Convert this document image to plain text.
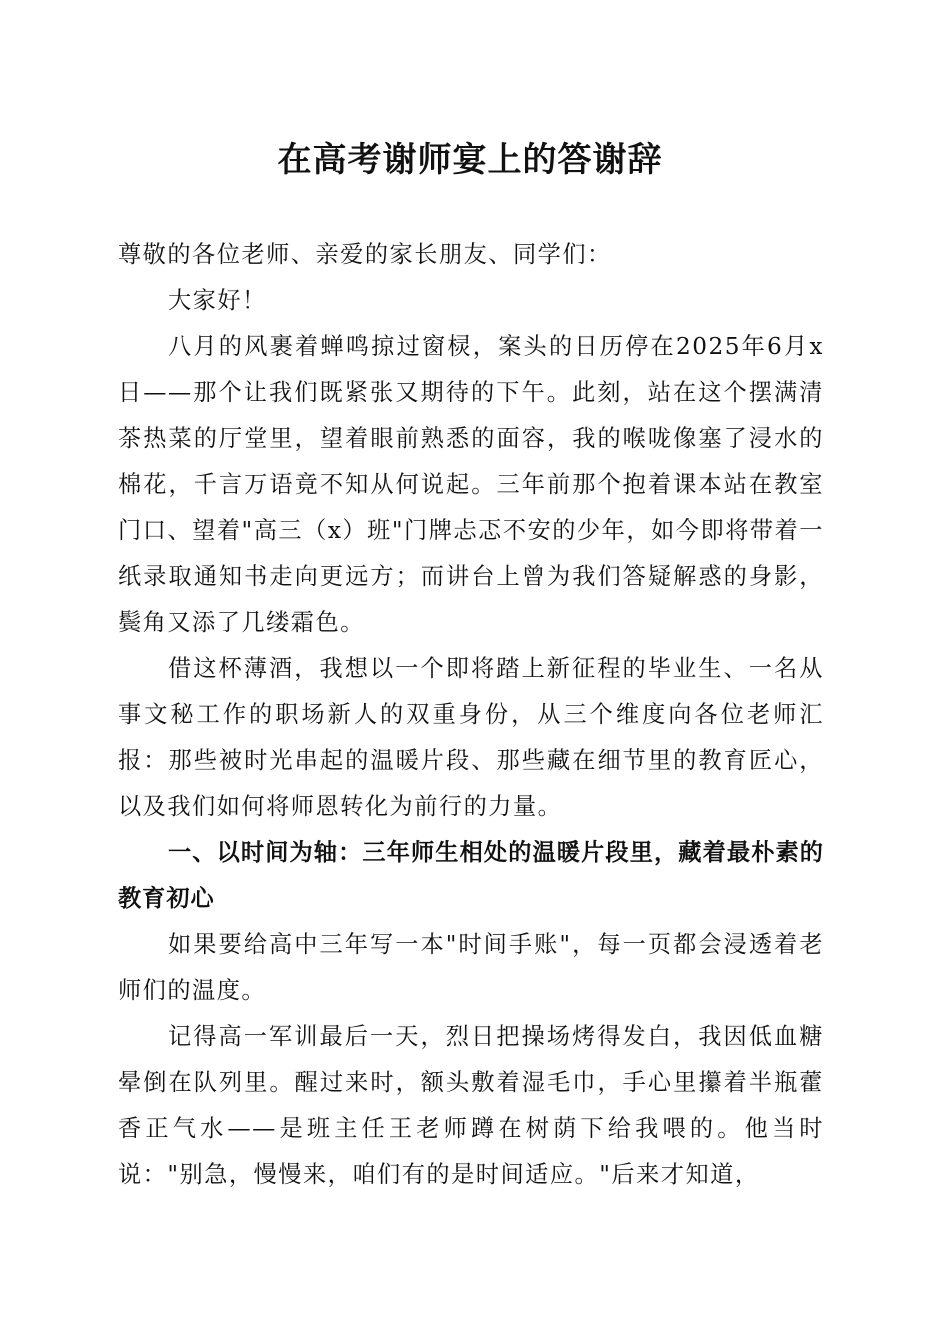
在高考谢师宴上的答谢辞

尊敬的各位老师、亲爱的家长朋友、同学们：

大家好！

八月的风裹着蝉鸣掠过窗棂，案头的日历停在2025年6月x日——那个让我们既紧张又期待的下午。此刻，站在这个摆满清茶热菜的厅堂里，望着眼前熟悉的面容，我的喉咙像塞了浸水的棉花，千言万语竟不知从何说起。三年前那个抱着课本站在教室门口、望着"高三（x）班"门牌忐忑不安的少年，如今即将带着一纸录取通知书走向更远方；而讲台上曾为我们答疑解惑的身影，鬓角又添了几缕霜色。

借这杯薄酒，我想以一个即将踏上新征程的毕业生、一名从事文秘工作的职场新人的双重身份，从三个维度向各位老师汇报：那些被时光串起的温暖片段、那些藏在细节里的教育匠心，以及我们如何将师恩转化为前行的力量。

一、以时间为轴：三年师生相处的温暖片段里，藏着最朴素的教育初心

如果要给高中三年写一本"时间手账"，每一页都会浸透着老师们的温度。

记得高一军训最后一天，烈日把操场烤得发白，我因低血糖晕倒在队列里。醒过来时，额头敷着湿毛巾，手心里攥着半瓶藿香正气水——是班主任王老师蹲在树荫下给我喂的。他当时说："别急，慢慢来，咱们有的是时间适应。"后来才知道，
